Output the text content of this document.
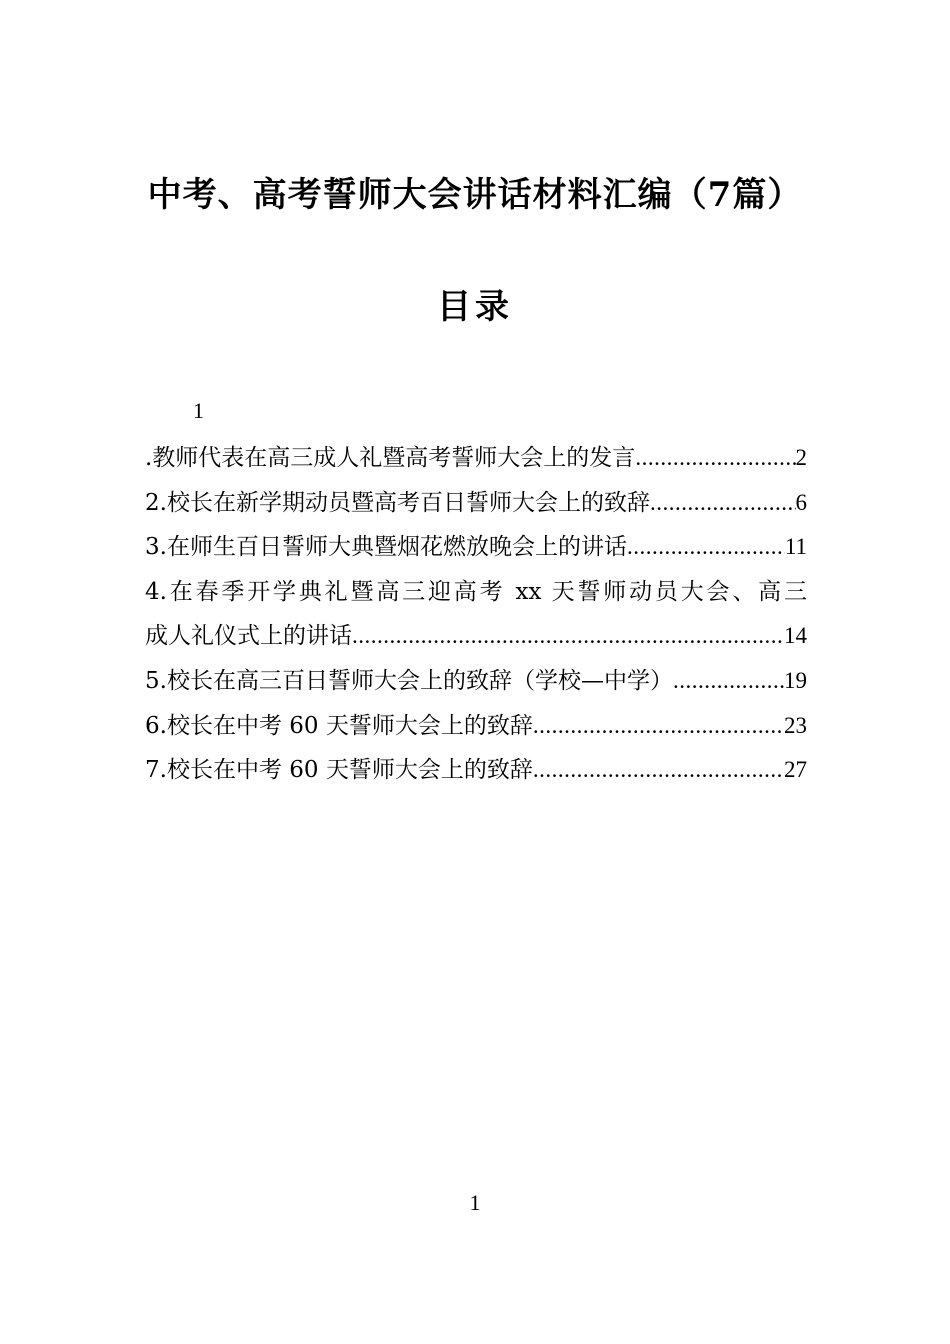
中考、高考誓师大会讲话材料汇编（7篇）
目录
1
.教师代表在高三成人礼暨高考誓师大会上的发言 .....	2
2.校长在新学期动员暨高考百日誓师大会上的致辞 .....	6
3.在师生百日誓师大典暨烟花燃放晚会上的讲话 .....	11
4.在春季开学典礼暨高三迎高考 xx 天誓师动员大会、高三
成人礼仪式上的讲话 .....	14
5.校长在高三百日誓师大会上的致辞（学校—中学） .....	19
6.校长在中考 60 天誓师大会上的致辞 .....	23
7.校长在中考 60 天誓师大会上的致辞 .....	27
1
